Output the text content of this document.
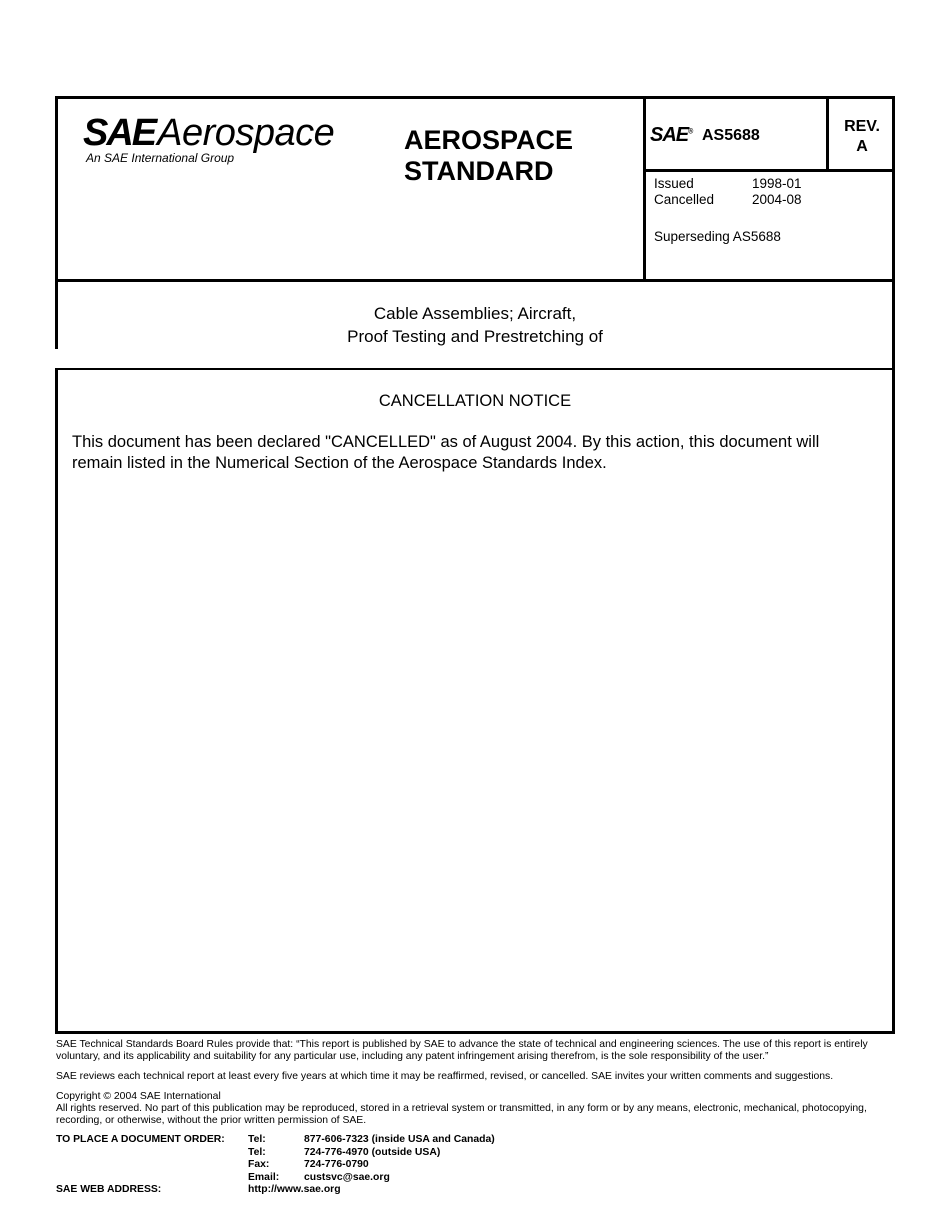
SAEAerospace
An SAE International Group
AEROSPACE
STANDARD
SAE® AS5688
REV.
A
Issued	1998-01
Cancelled	2004-08
Superseding AS5688
Cable Assemblies; Aircraft,
Proof Testing and Prestretching of
CANCELLATION NOTICE
This document has been declared "CANCELLED" as of August 2004. By this action, this document will remain listed in the Numerical Section of the Aerospace Standards Index.

SAE Technical Standards Board Rules provide that: “This report is published by SAE to advance the state of technical and engineering sciences. The use of this report is entirely voluntary, and its applicability and suitability for any particular use, including any patent infringement arising therefrom, is the sole responsibility of the user.”

SAE reviews each technical report at least every five years at which time it may be reaffirmed, revised, or cancelled. SAE invites your written comments and suggestions.

Copyright © 2004 SAE International

All rights reserved. No part of this publication may be reproduced, stored in a retrieval system or transmitted, in any form or by any means, electronic, mechanical, photocopying, recording, or otherwise, without the prior written permission of SAE.

TO PLACE A DOCUMENT ORDER:	Tel:	877-606-7323 (inside USA and Canada)
Tel:	724-776-4970 (outside USA)
Fax:	724-776-0790
Email:	custsvc@sae.org
SAE WEB ADDRESS:	http://www.sae.org
